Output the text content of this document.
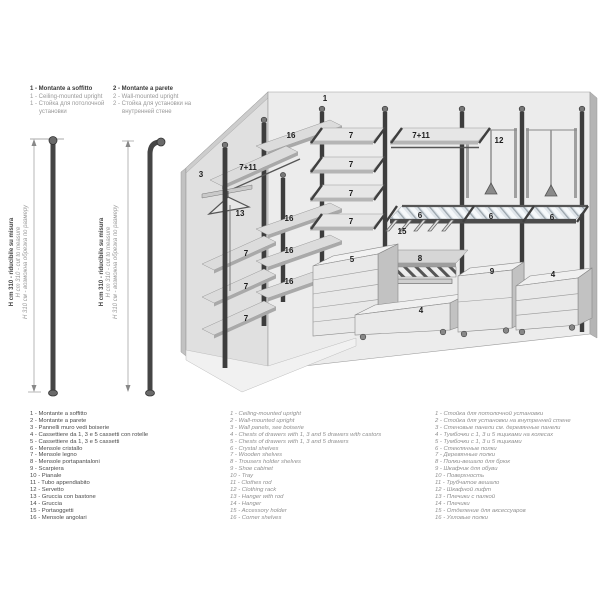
1 - Montante a soffitto

1 - Ceiling-mounted upright

1 - Стойка для потолочной установки

2 - Montante a parete

2 - Wall-mounted upright

2 - Стойка для установки на внутренней стене

H cm 310 - riducibile su misura H cm 310 - cut to measure H 310 см - возможна обрезка по размеру	H cm 310 - riducibile su misura H cm 310 - cut to measure H 310 см - возможна обрезка по размеру
1
16	7	7+11
12
3
7+11	7
7
13
16	7
6	6	6
15
16
7
5	8
9	4
16
7
4
7
1 - Montante a soffitto
2 - Montante a parete
3 - Pannelli muro vedi boiserie
4 - Cassettiere da 1, 3 e 5 cassetti con rotelle
5 - Cassettiere da 1, 3 e 5 cassetti
6 - Mensole cristallo
7 - Mensole legno
8 - Mensole portapantaloni
9 - Scarpiera
10 - Pianale
11 - Tubo appendiabito
12 - Servetto
13 - Gruccia con bastone
14 - Gruccia
15 - Portaoggetti
16 - Mensole angolari
1 - Ceiling-mounted upright
2 - Wall-mounted upright
3 - Wall panels, see boiserie
4 - Chests of drawers with 1, 3 and 5 drawers with castors
5 - Chests of drawers with 1, 3 and 5 drawers
6 - Crystal shelves
7 - Wooden shelves
8 - Trousers holder shelves
9 - Shoe cabinet
10 - Tray
11 - Clothes rod
12 - Clothing rack
13 - Hanger with rod
14 - Hanger
15 - Accessory holder
16 - Corner shelves
1 - Стойка для потолочной установки
2 - Стойка для установки на внутренней стене
3 - Стеновые панели см. деревянные панели
4 - Тумбочки с 1, 3 и 5 ящиками на колесах
5 - Тумбочки с 1, 3 и 5 ящиками
6 - Стеклянные полки
7 - Деревянные полки
8 - Полки-вешало для брюк
9 - Шкафчик для обуви
10 - Поверхность
11 - Трубчатое вешало
12 - Шкафной лифт
13 - Плечики с палкой
14 - Плечики
15 - Отделение для аксессуаров
16 - Угловые полки
